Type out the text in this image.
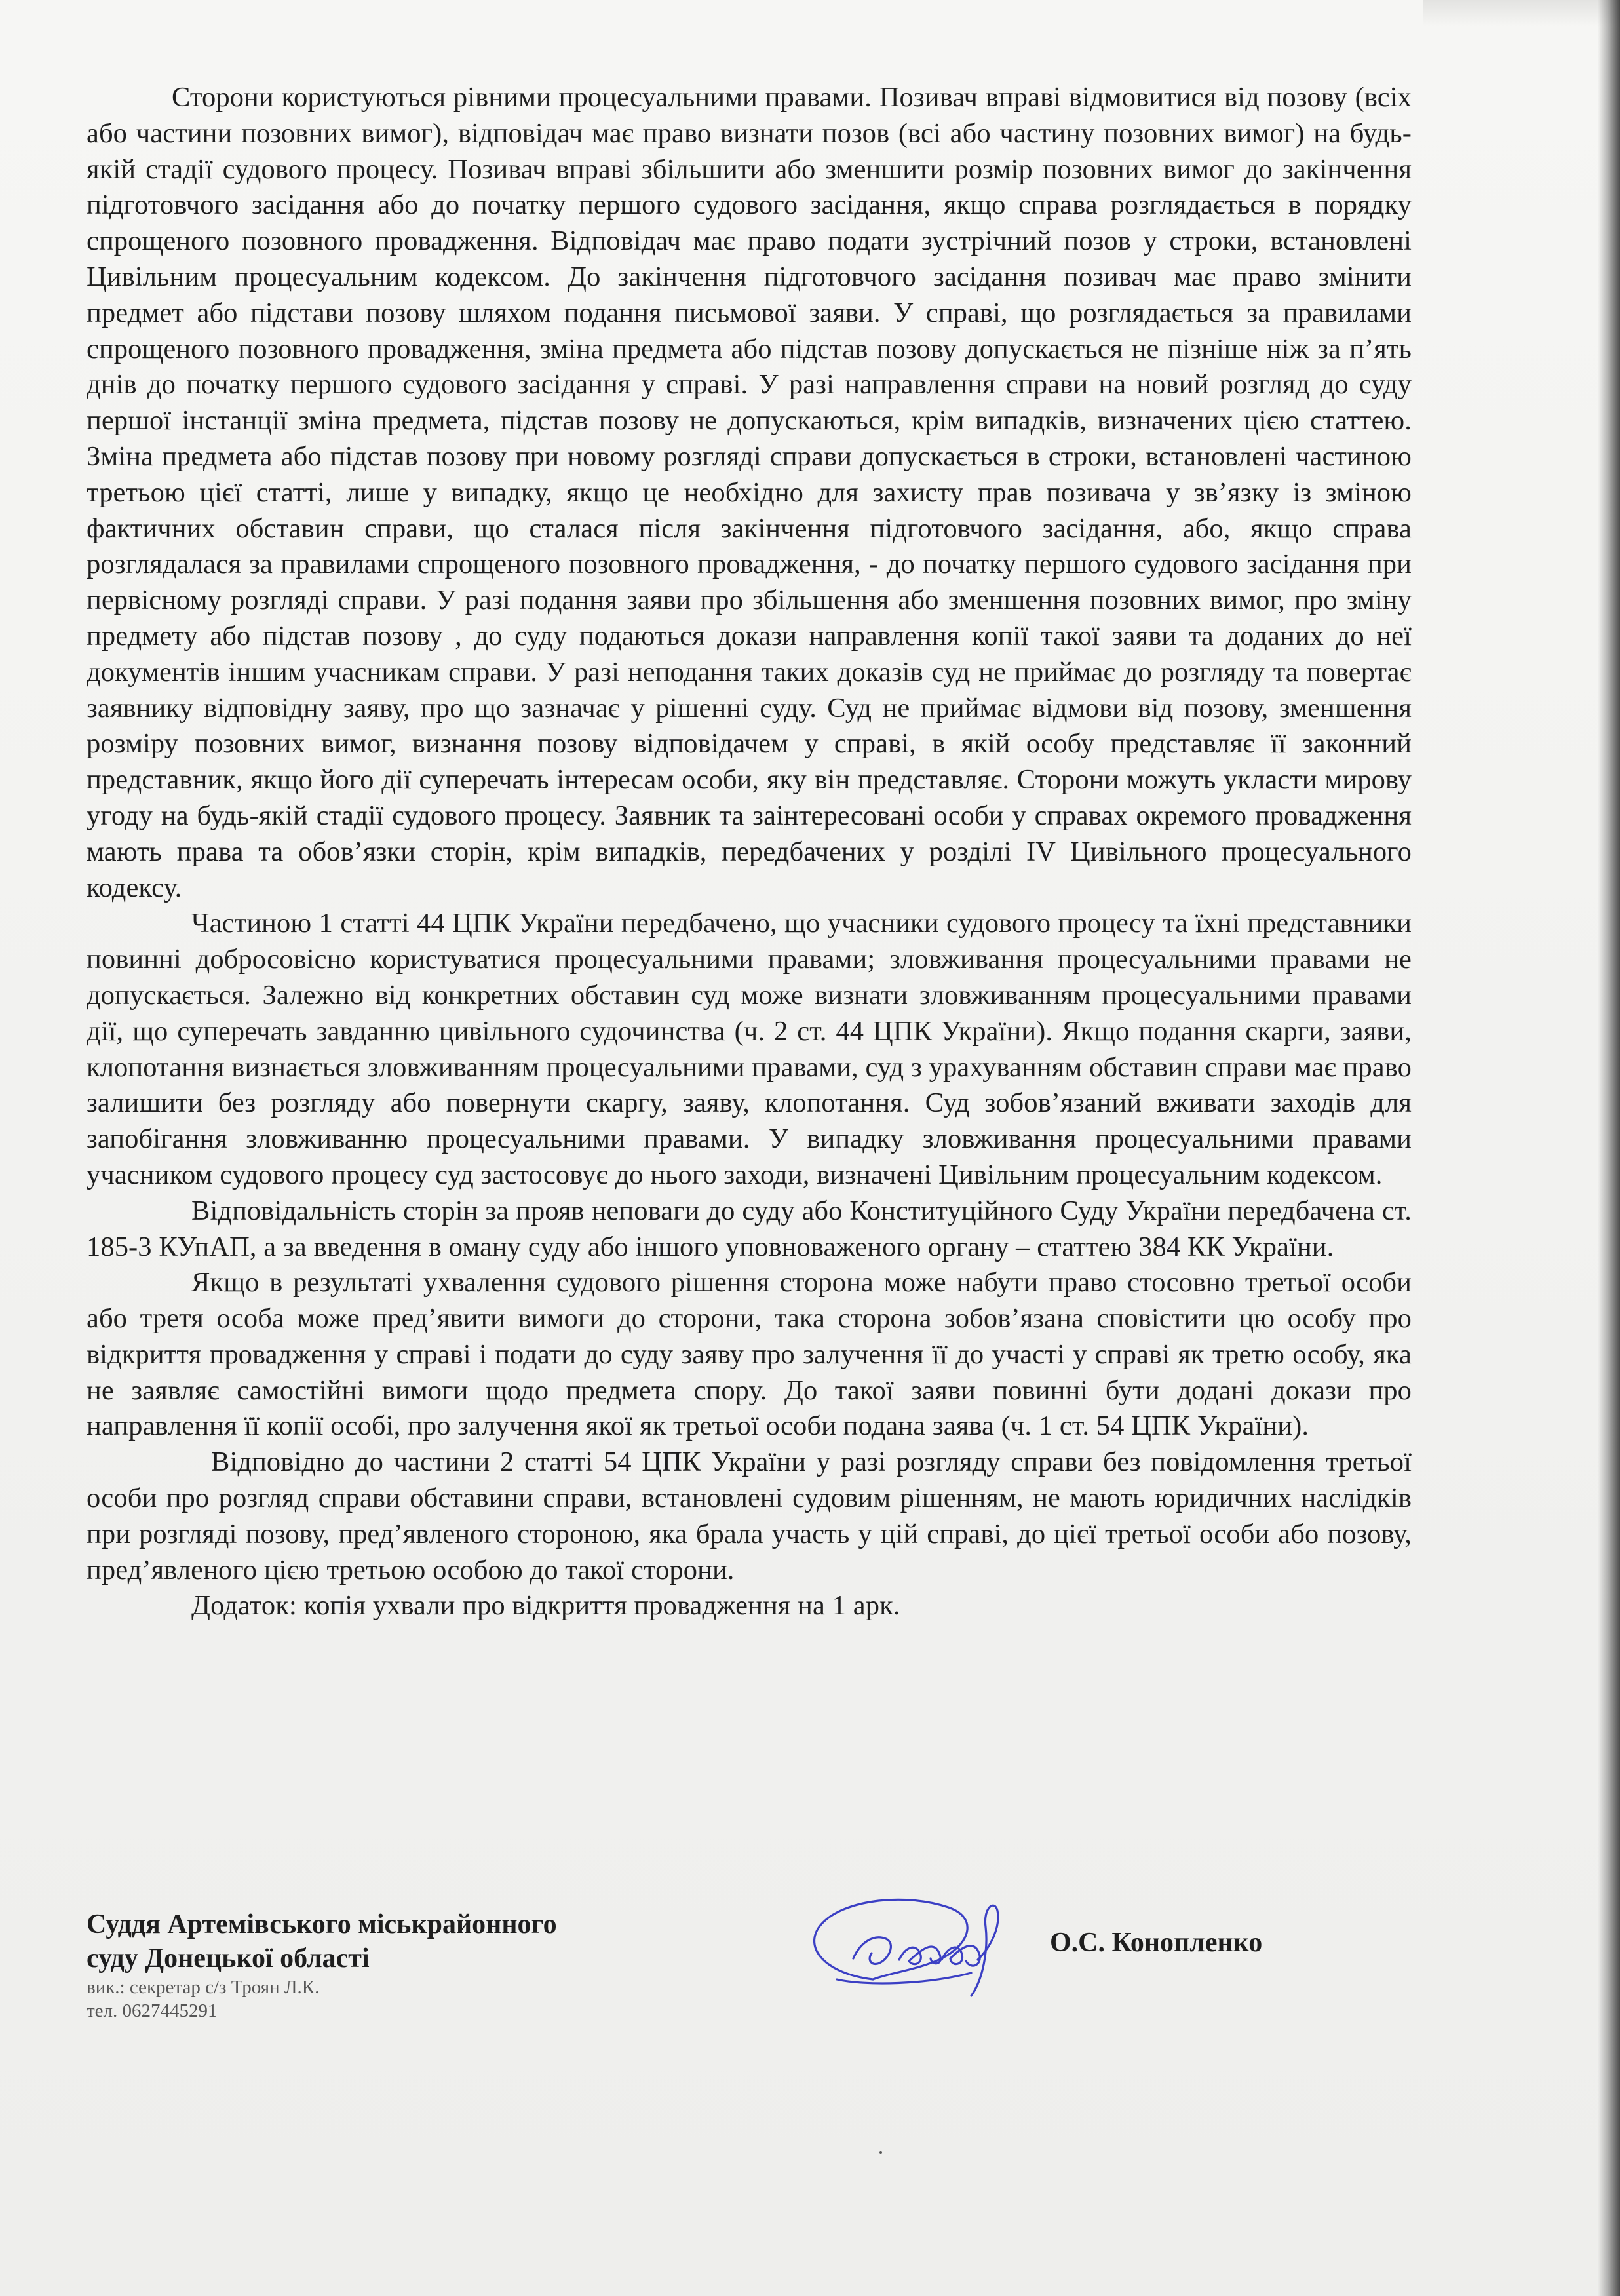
Сторони користуються рівними процесуальними правами. Позивач вправі відмовитися від позову (всіх або частини позовних вимог), відповідач має право визнати позов (всі або частину позовних вимог) на будь-якій стадії судового процесу. Позивач вправі збільшити або зменшити розмір позовних вимог до закінчення підготовчого засідання або до початку першого судового засідання, якщо справа розглядається в порядку спрощеного позовного провадження. Відповідач має право подати зустрічний позов у строки, встановлені Цивільним процесуальним кодексом. До закінчення підготовчого засідання позивач має право змінити предмет або підстави позову шляхом подання письмової заяви. У справі, що розглядається за правилами спрощеного позовного провадження, зміна предмета або підстав позову допускається не пізніше ніж за п’ять днів до початку першого судового засідання у справі. У разі направлення справи на новий розгляд до суду першої інстанції зміна предмета, підстав позову не допускаються, крім випадків, визначених цією статтею. Зміна предмета або підстав позову при новому розгляді справи допускається в строки, встановлені частиною третьою цієї статті, лише у випадку, якщо це необхідно для захисту прав позивача у зв’язку із зміною фактичних обставин справи, що сталася після закінчення підготовчого засідання, або, якщо справа розглядалася за правилами спрощеного позовного провадження, - до початку першого судового засідання при первісному розгляді справи. У разі подання заяви про збільшення або зменшення позовних вимог, про зміну предмету або підстав позову , до суду подаються докази направлення копії такої заяви та доданих до неї документів іншим учасникам справи. У разі неподання таких доказів суд не приймає до розгляду та повертає заявнику відповідну заяву, про що зазначає у рішенні суду. Суд не приймає відмови від позову, зменшення розміру позовних вимог, визнання позову відповідачем у справі, в якій особу представляє її законний представник, якщо його дії суперечать інтересам особи, яку він представляє. Сторони можуть укласти мирову угоду на будь-якій стадії судового процесу. Заявник та заінтересовані особи у справах окремого провадження мають права та обов’язки сторін, крім випадків, передбачених у розділі IV Цивільного процесуального кодексу.

Частиною 1 статті 44 ЦПК України передбачено, що учасники судового процесу та їхні представники повинні добросовісно користуватися процесуальними правами; зловживання процесуальними правами не допускається. Залежно від конкретних обставин суд може визнати зловживанням процесуальними правами дії, що суперечать завданню цивільного судочинства (ч. 2 ст. 44 ЦПК України). Якщо подання скарги, заяви, клопотання визнається зловживанням процесуальними правами, суд з урахуванням обставин справи має право залишити без розгляду або повернути скаргу, заяву, клопотання. Суд зобов’язаний вживати заходів для запобігання зловживанню процесуальними правами. У випадку зловживання процесуальними правами учасником судового процесу суд застосовує до нього заходи, визначені Цивільним процесуальним кодексом.

Відповідальність сторін за прояв неповаги до суду або Конституційного Суду України передбачена ст. 185-3 КУпАП, а за введення в оману суду або іншого уповноваженого органу – статтею 384 КК України.

Якщо в результаті ухвалення судового рішення сторона може набути право стосовно третьої особи або третя особа може пред’явити вимоги до сторони, така сторона зобов’язана сповістити цю особу про відкриття провадження у справі і подати до суду заяву про залучення її до участі у справі як третю особу, яка не заявляє самостійні вимоги щодо предмета спору. До такої заяви повинні бути додані докази про направлення її копії особі, про залучення якої як третьої особи подана заява (ч. 1 ст. 54 ЦПК України).

Відповідно до частини 2 статті 54 ЦПК України у разі розгляду справи без повідомлення третьої особи про розгляд справи обставини справи, встановлені судовим рішенням, не мають юридичних наслідків при розгляді позову, пред’явленого стороною, яка брала участь у цій справі, до цієї третьої особи або позову, пред’явленого цією третьою особою до такої сторони.

Додаток: копія ухвали про відкриття провадження на 1 арк.

Суддя Артемівського міськрайонного

суду Донецької області

вик.: секретар с/з Троян Л.К.

тел. 0627445291

О.С. Конопленко
